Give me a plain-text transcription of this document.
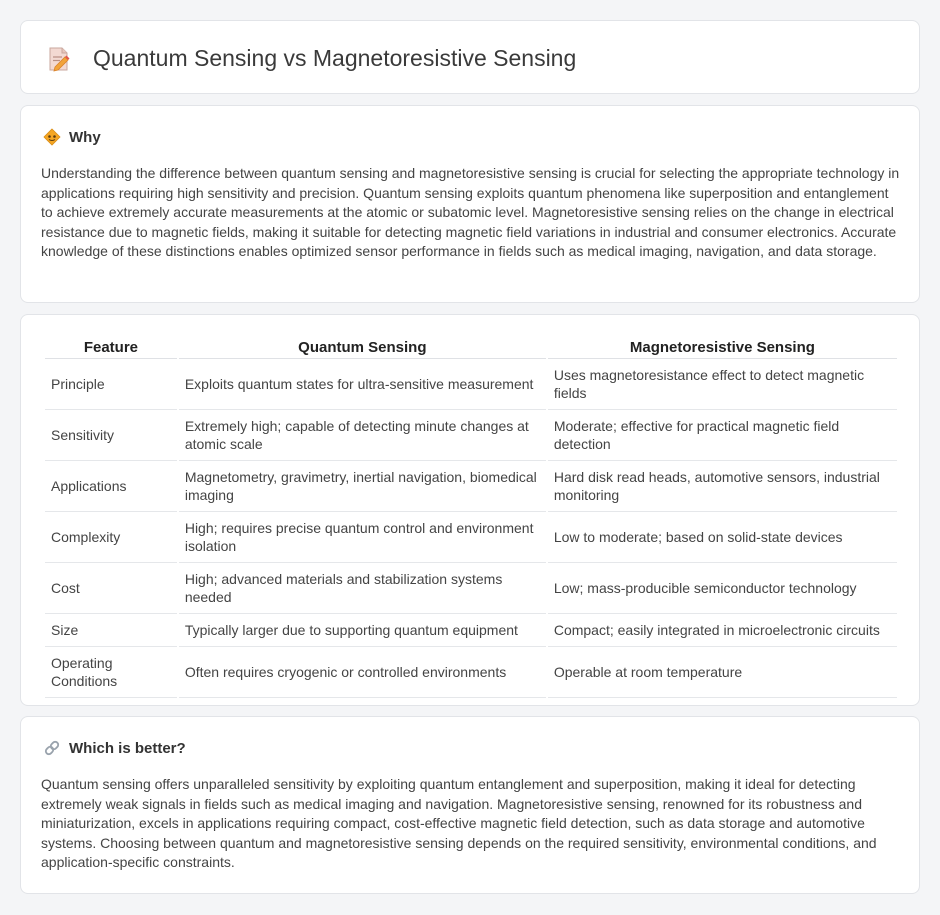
Quantum Sensing vs Magnetoresistive Sensing
Why

Understanding the difference between quantum sensing and magnetoresistive sensing is crucial for selecting the appropriate technology in applications requiring high sensitivity and precision. Quantum sensing exploits quantum phenomena like superposition and entanglement to achieve extremely accurate measurements at the atomic or subatomic level. Magnetoresistive sensing relies on the change in electrical resistance due to magnetic fields, making it suitable for detecting magnetic field variations in industrial and consumer electronics. Accurate knowledge of these distinctions enables optimized sensor performance in fields such as medical imaging, navigation, and data storage.

Feature	Quantum Sensing	Magnetoresistive Sensing
Principle	Exploits quantum states for ultra-sensitive measurement	Uses magnetoresistance effect to detect magnetic fields
Sensitivity	Extremely high; capable of detecting minute changes at atomic scale	Moderate; effective for practical magnetic field detection
Applications	Magnetometry, gravimetry, inertial navigation, biomedical imaging	Hard disk read heads, automotive sensors, industrial monitoring
Complexity	High; requires precise quantum control and environment isolation	Low to moderate; based on solid-state devices
Cost	High; advanced materials and stabilization systems needed	Low; mass-producible semiconductor technology
Size	Typically larger due to supporting quantum equipment	Compact; easily integrated in microelectronic circuits
Operating Conditions	Often requires cryogenic or controlled environments	Operable at room temperature
Which is better?

Quantum sensing offers unparalleled sensitivity by exploiting quantum entanglement and superposition, making it ideal for detecting extremely weak signals in fields such as medical imaging and navigation. Magnetoresistive sensing, renowned for its robustness and miniaturization, excels in applications requiring compact, cost-effective magnetic field detection, such as data storage and automotive systems. Choosing between quantum and magnetoresistive sensing depends on the required sensitivity, environmental conditions, and application-specific constraints.
